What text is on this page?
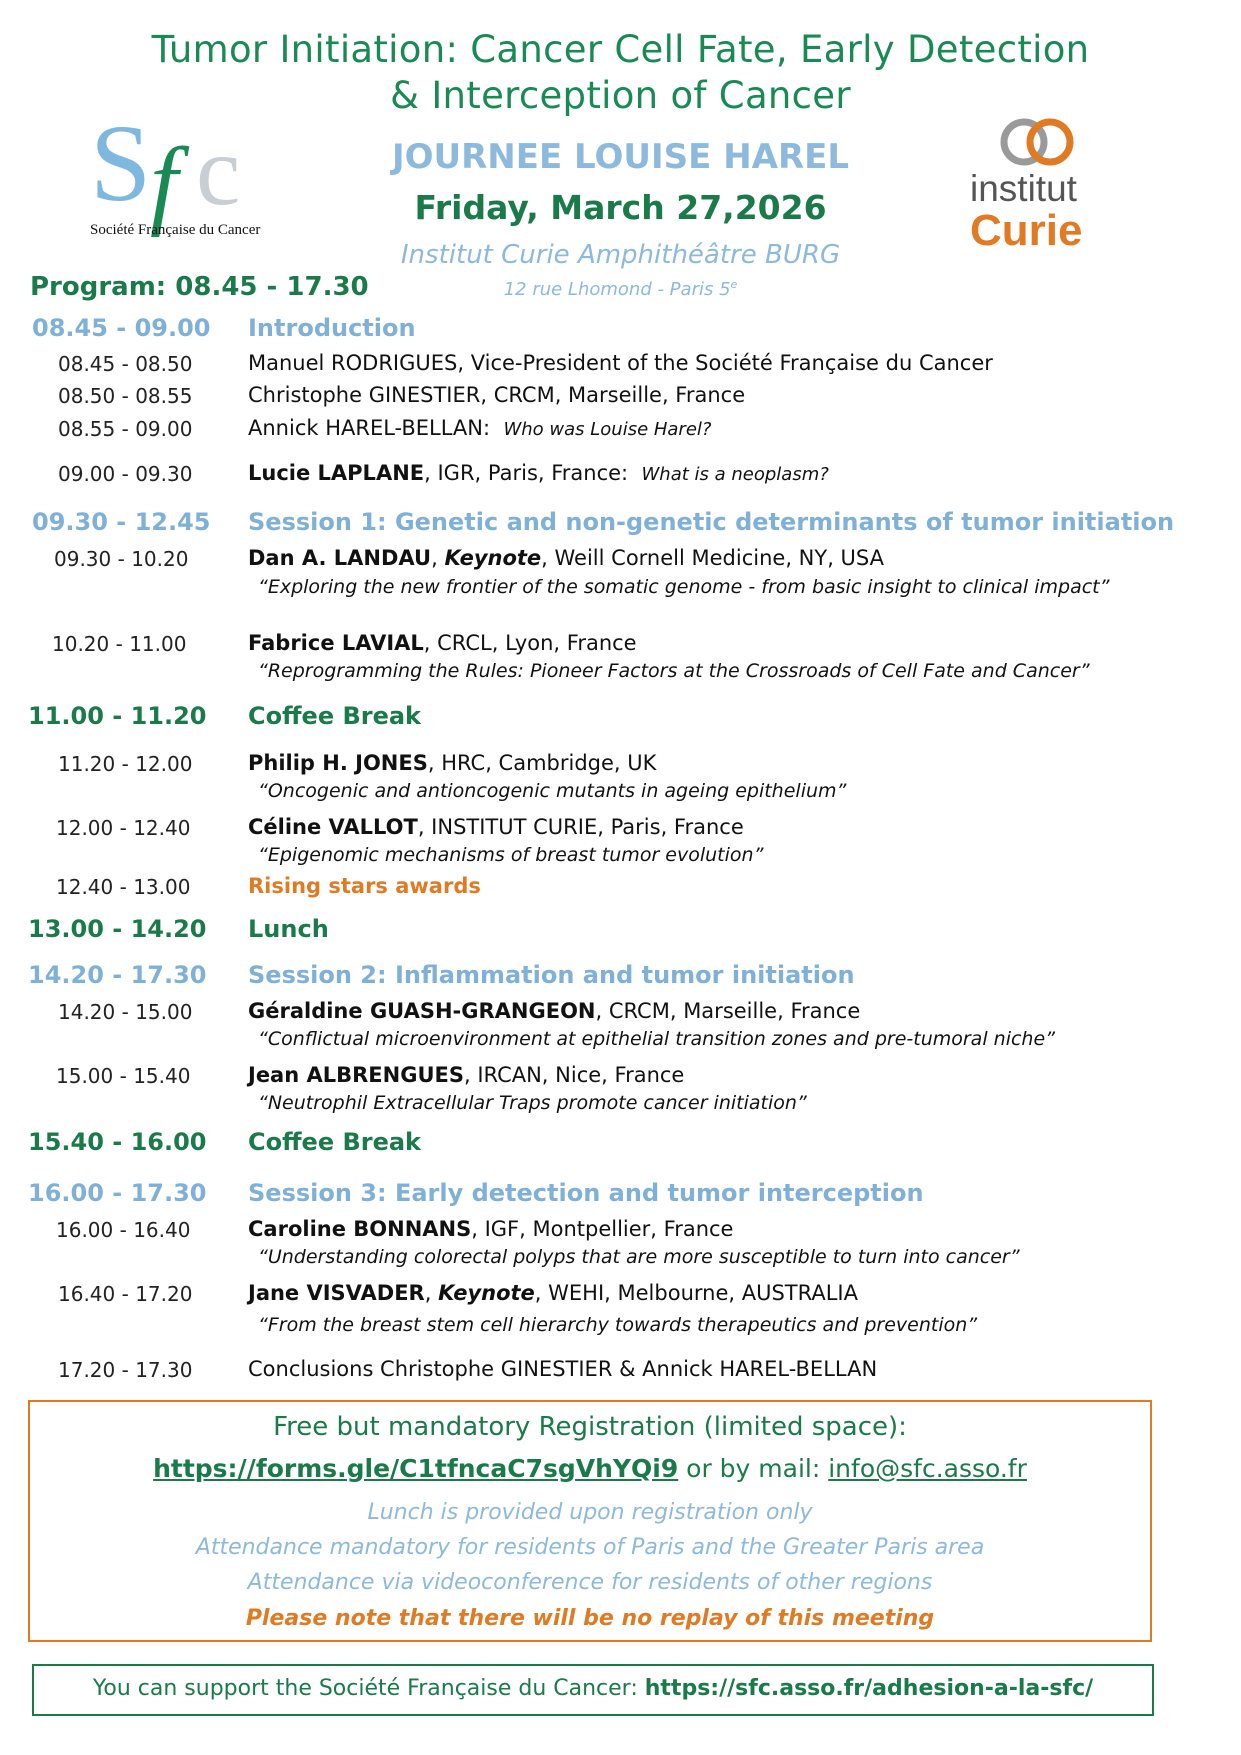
Tumor Initiation: Cancer Cell Fate, Early Detection
& Interception of Cancer
S
f c
Société Française du Cancer
institut
Curie
JOURNEE LOUISE HAREL
Friday, March 27,2026
Institut Curie Amphithéâtre BURG
12 rue Lhomond - Paris 5e
Program: 08.45 - 17.30
08.45 - 09.00 Introduction
08.45 - 08.50	Manuel RODRIGUES, Vice-President of the Société Française du Cancer
08.50 - 08.55	Christophe GINESTIER, CRCM, Marseille, France
08.55 - 09.00	Annick HAREL-BELLAN: Who was Louise Harel?
09.00 - 09.30	Lucie LAPLANE, IGR, Paris, France: What is a neoplasm?
09.30 - 12.45 Session 1: Genetic and non-genetic determinants of tumor initiation
09.30 - 10.20	Dan A. LANDAU, Keynote, Weill Cornell Medicine, NY, USA
“Exploring the new frontier of the somatic genome - from basic insight to clinical impact”
10.20 - 11.00	Fabrice LAVIAL, CRCL, Lyon, France
“Reprogramming the Rules: Pioneer Factors at the Crossroads of Cell Fate and Cancer”
11.00 - 11.20 Coffee Break
11.20 - 12.00	Philip H. JONES, HRC, Cambridge, UK
“Oncogenic and antioncogenic mutants in ageing epithelium”
12.00 - 12.40	Céline VALLOT, INSTITUT CURIE, Paris, France
“Epigenomic mechanisms of breast tumor evolution”
12.40 - 13.00	Rising stars awards
13.00 - 14.20 Lunch
14.20 - 17.30 Session 2: Inflammation and tumor initiation
14.20 - 15.00	Géraldine GUASH-GRANGEON, CRCM, Marseille, France
“Conflictual microenvironment at epithelial transition zones and pre-tumoral niche”
15.00 - 15.40	Jean ALBRENGUES, IRCAN, Nice, France
“Neutrophil Extracellular Traps promote cancer initiation”
15.40 - 16.00 Coffee Break
16.00 - 17.30 Session 3: Early detection and tumor interception
16.00 - 16.40	Caroline BONNANS, IGF, Montpellier, France
“Understanding colorectal polyps that are more susceptible to turn into cancer”
16.40 - 17.20	Jane VISVADER, Keynote, WEHI, Melbourne, AUSTRALIA
“From the breast stem cell hierarchy towards therapeutics and prevention”
17.20 - 17.30	Conclusions Christophe GINESTIER & Annick HAREL-BELLAN
Free but mandatory Registration (limited space):
https://forms.gle/C1tfncaC7sgVhYQi9 or by mail: info@sfc.asso.fr
Lunch is provided upon registration only
Attendance mandatory for residents of Paris and the Greater Paris area
Attendance via videoconference for residents of other regions
Please note that there will be no replay of this meeting
You can support the Société Française du Cancer: https://sfc.asso.fr/adhesion-a-la-sfc/
